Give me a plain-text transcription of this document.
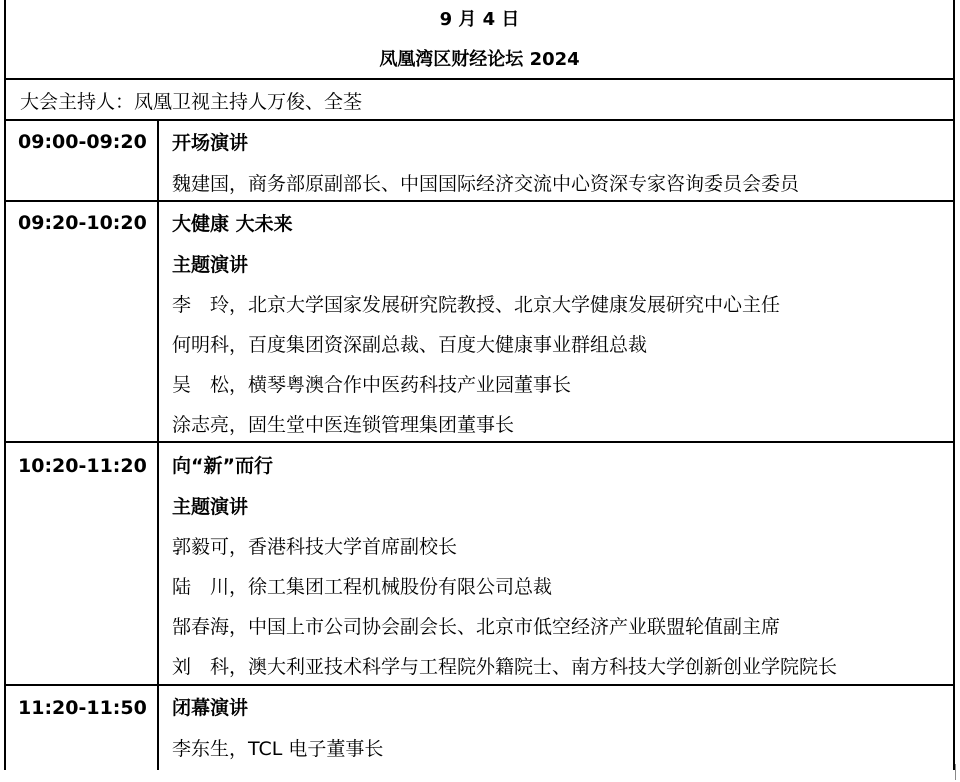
9 月 4 日
凤凰湾区财经论坛 2024
大会主持人：凤凰卫视主持人万俊、全荃
09:00-09:20 开场演讲
魏建国，商务部原副部长、中国国际经济交流中心资深专家咨询委员会委员
09:20-10:20 大健康 大未来
主题演讲
李　玲，北京大学国家发展研究院教授、北京大学健康发展研究中心主任
何明科，百度集团资深副总裁、百度大健康事业群组总裁
吴　松，横琴粤澳合作中医药科技产业园董事长
涂志亮，固生堂中医连锁管理集团董事长
10:20-11:20 向“新”而行
主题演讲
郭毅可，香港科技大学首席副校长
陆　川，徐工集团工程机械股份有限公司总裁
郜春海，中国上市公司协会副会长、北京市低空经济产业联盟轮值副主席
刘　科，澳大利亚技术科学与工程院外籍院士、南方科技大学创新创业学院院长
11:20-11:50 闭幕演讲
李东生，TCL 电子董事长
